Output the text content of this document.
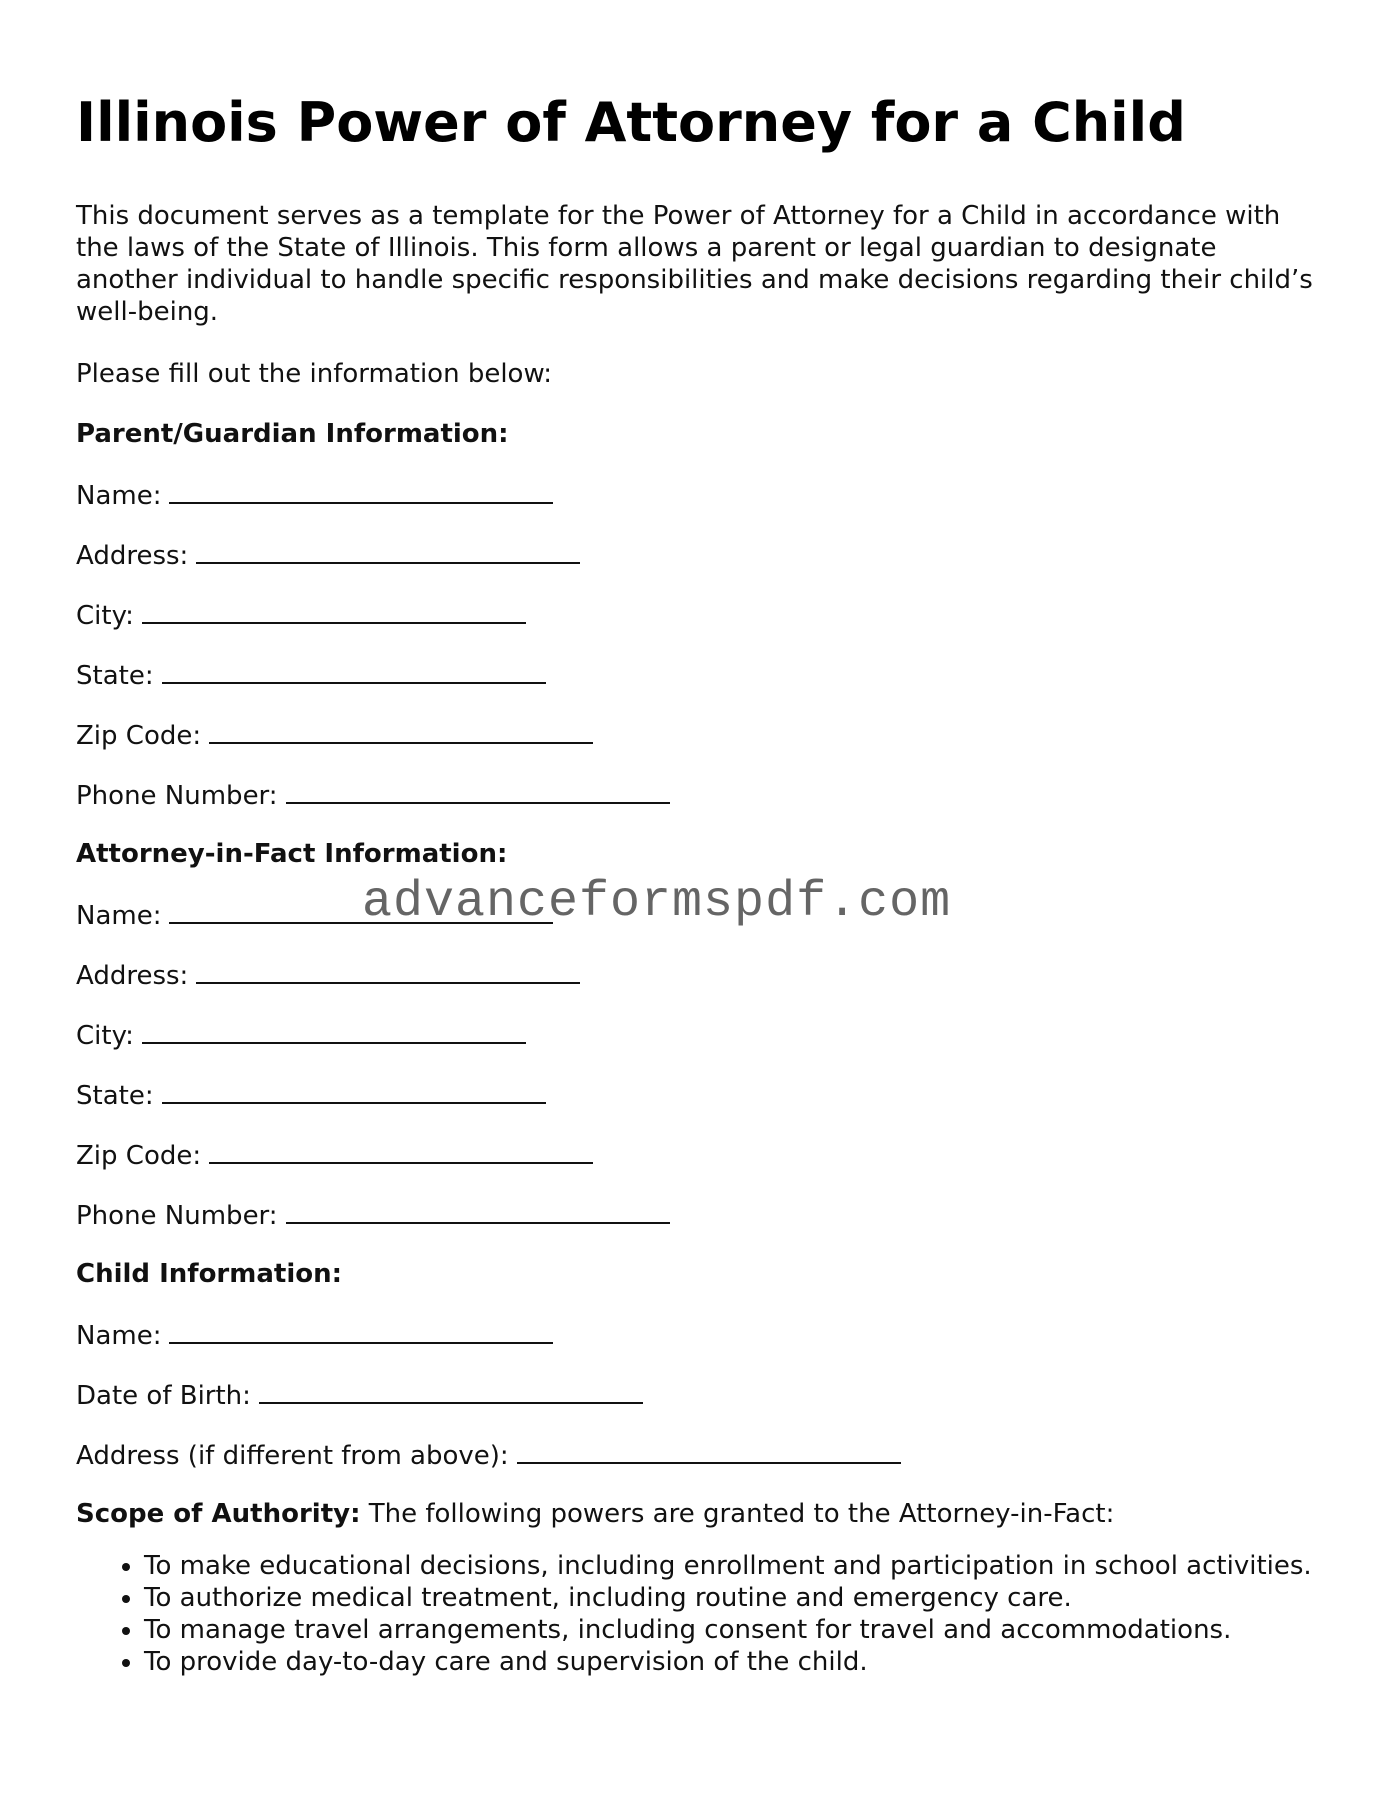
Illinois Power of Attorney for a Child

This document serves as a template for the Power of Attorney for a Child in accordance with the laws of the State of Illinois. This form allows a parent or legal guardian to designate another individual to handle specific responsibilities and make decisions regarding their child’s well-being.

Please fill out the information below:

Parent/Guardian Information:

Name:

Address:

City:

State:

Zip Code:

Phone Number:

Attorney-in-Fact Information:

Name:

Address:

City:

State:

Zip Code:

Phone Number:

Child Information:

Name:

Date of Birth:

Address (if different from above):

Scope of Authority: The following powers are granted to the Attorney-in-Fact:

• To make educational decisions, including enrollment and participation in school activities.
• To authorize medical treatment, including routine and emergency care.
• To manage travel arrangements, including consent for travel and accommodations.
• To provide day-to-day care and supervision of the child.
advanceformspdf.com
